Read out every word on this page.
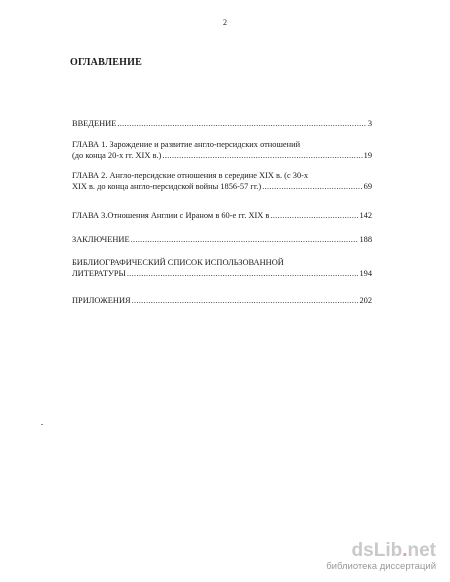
2
ОГЛАВЛЕНИЕ
ВВЕДЕНИЕ .....	3
ГЛАВА 1. Зарождение и развитие англо-персидских отношений
(до конца 20-х гг. XIX в.) .....	19
ГЛАВА 2. Англо-персидские отношения в середине XIX в. (с 30-х
XIX в. до конца англо-персидской войны 1856-57 гг.) .....	69
ГЛАВА 3.Отношения Англии с Ираном в 60-е гг. XIX в .....	142
ЗАКЛЮЧЕНИЕ .....	188
БИБЛИОГРАФИЧЕСКИЙ СПИСОК ИСПОЛЬЗОВАННОЙ
ЛИТЕРАТУРЫ .....	194
ПРИЛОЖЕНИЯ .....	202
dsLib.net
библиотека диссертаций
